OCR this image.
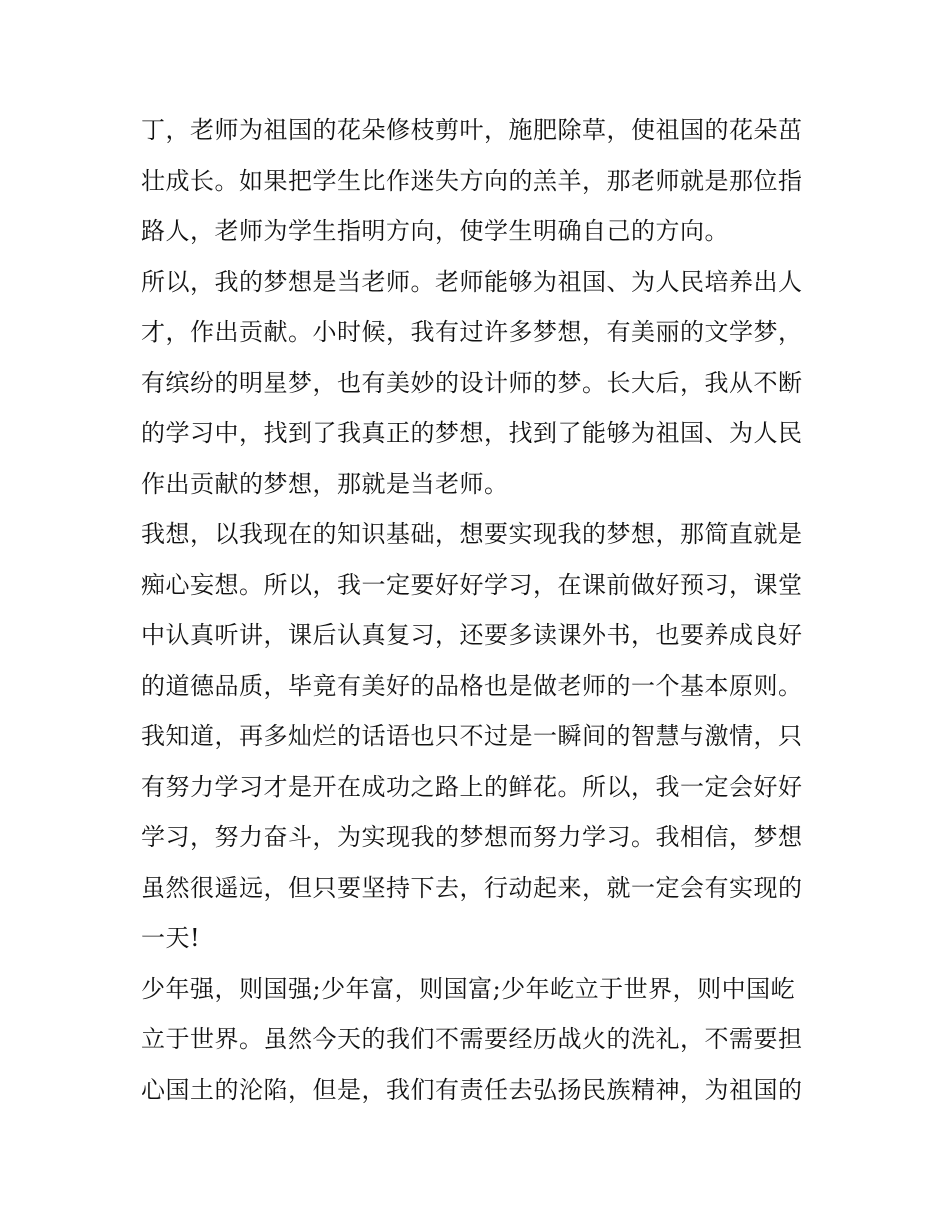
丁，老师为祖国的花朵修枝剪叶，施肥除草，使祖国的花朵茁
壮成长。如果把学生比作迷失方向的羔羊，那老师就是那位指
路人，老师为学生指明方向，使学生明确自己的方向。
所以，我的梦想是当老师。老师能够为祖国、为人民培养出人
才，作出贡献。小时候，我有过许多梦想，有美丽的文学梦，
有缤纷的明星梦，也有美妙的设计师的梦。长大后，我从不断
的学习中，找到了我真正的梦想，找到了能够为祖国、为人民
作出贡献的梦想，那就是当老师。
我想，以我现在的知识基础，想要实现我的梦想，那简直就是
痴心妄想。所以，我一定要好好学习，在课前做好预习，课堂
中认真听讲，课后认真复习，还要多读课外书，也要养成良好
的道德品质，毕竟有美好的品格也是做老师的一个基本原则。
我知道，再多灿烂的话语也只不过是一瞬间的智慧与激情，只
有努力学习才是开在成功之路上的鲜花。所以，我一定会好好
学习，努力奋斗，为实现我的梦想而努力学习。我相信，梦想
虽然很遥远，但只要坚持下去，行动起来，就一定会有实现的
一天!
少年强，则国强;少年富，则国富;少年屹立于世界，则中国屹
立于世界。虽然今天的我们不需要经历战火的洗礼，不需要担
心国土的沦陷，但是，我们有责任去弘扬民族精神，为祖国的
